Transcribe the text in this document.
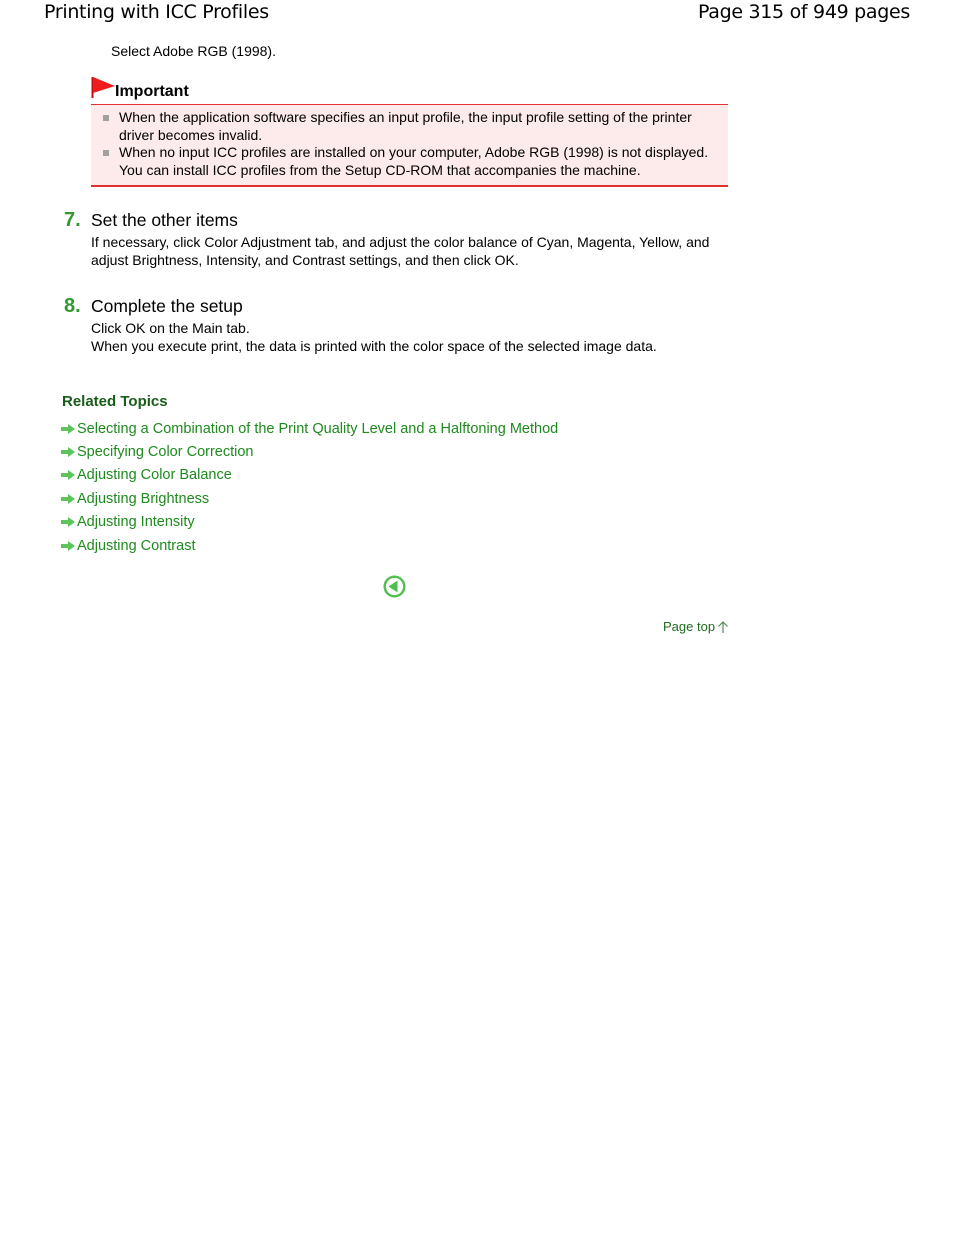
Printing with ICC Profiles	Page 315 of 949 pages
Select Adobe RGB (1998).
Important
When the application software specifies an input profile, the input profile setting of the printer driver becomes invalid.
When no input ICC profiles are installed on your computer, Adobe RGB (1998) is not displayed. You can install ICC profiles from the Setup CD-ROM that accompanies the machine.
7. Set the other items
If necessary, click Color Adjustment tab, and adjust the color balance of Cyan, Magenta, Yellow, and adjust Brightness, Intensity, and Contrast settings, and then click OK.
8. Complete the setup
Click OK on the Main tab.
When you execute print, the data is printed with the color space of the selected image data.
Related Topics
Selecting a Combination of the Print Quality Level and a Halftoning Method
Specifying Color Correction
Adjusting Color Balance
Adjusting Brightness
Adjusting Intensity
Adjusting Contrast
Page top
